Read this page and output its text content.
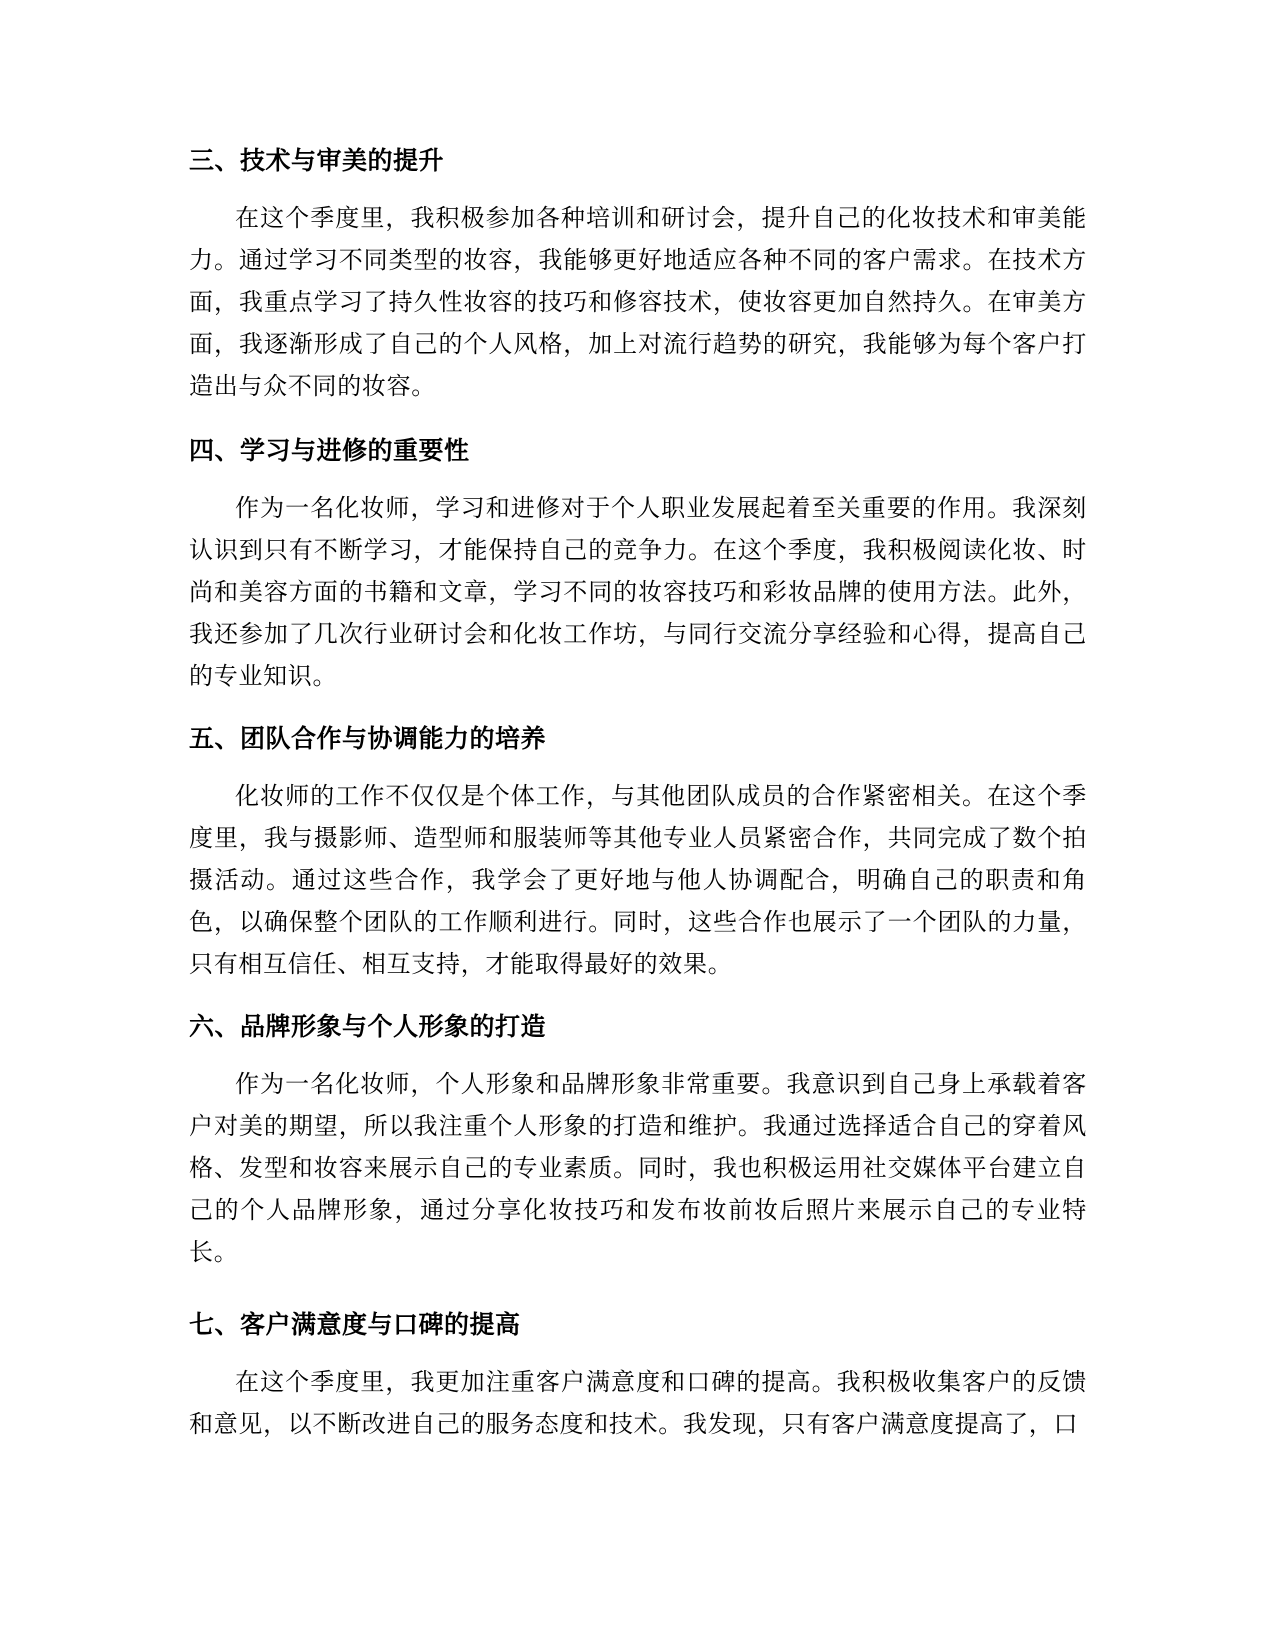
三、技术与审美的提升

在这个季度里，我积极参加各种培训和研讨会，提升自己的化妆技术和审美能力。通过学习不同类型的妆容，我能够更好地适应各种不同的客户需求。在技术方面，我重点学习了持久性妆容的技巧和修容技术，使妆容更加自然持久。在审美方面，我逐渐形成了自己的个人风格，加上对流行趋势的研究，我能够为每个客户打造出与众不同的妆容。

四、学习与进修的重要性

作为一名化妆师，学习和进修对于个人职业发展起着至关重要的作用。我深刻认识到只有不断学习，才能保持自己的竞争力。在这个季度，我积极阅读化妆、时尚和美容方面的书籍和文章，学习不同的妆容技巧和彩妆品牌的使用方法。此外，我还参加了几次行业研讨会和化妆工作坊，与同行交流分享经验和心得，提高自己的专业知识。

五、团队合作与协调能力的培养

化妆师的工作不仅仅是个体工作，与其他团队成员的合作紧密相关。在这个季度里，我与摄影师、造型师和服装师等其他专业人员紧密合作，共同完成了数个拍摄活动。通过这些合作，我学会了更好地与他人协调配合，明确自己的职责和角色，以确保整个团队的工作顺利进行。同时，这些合作也展示了一个团队的力量，只有相互信任、相互支持，才能取得最好的效果。

六、品牌形象与个人形象的打造

作为一名化妆师，个人形象和品牌形象非常重要。我意识到自己身上承载着客户对美的期望，所以我注重个人形象的打造和维护。我通过选择适合自己的穿着风格、发型和妆容来展示自己的专业素质。同时，我也积极运用社交媒体平台建立自己的个人品牌形象，通过分享化妆技巧和发布妆前妆后照片来展示自己的专业特长。

七、客户满意度与口碑的提高

在这个季度里，我更加注重客户满意度和口碑的提高。我积极收集客户的反馈和意见，以不断改进自己的服务态度和技术。我发现，只有客户满意度提高了，口
